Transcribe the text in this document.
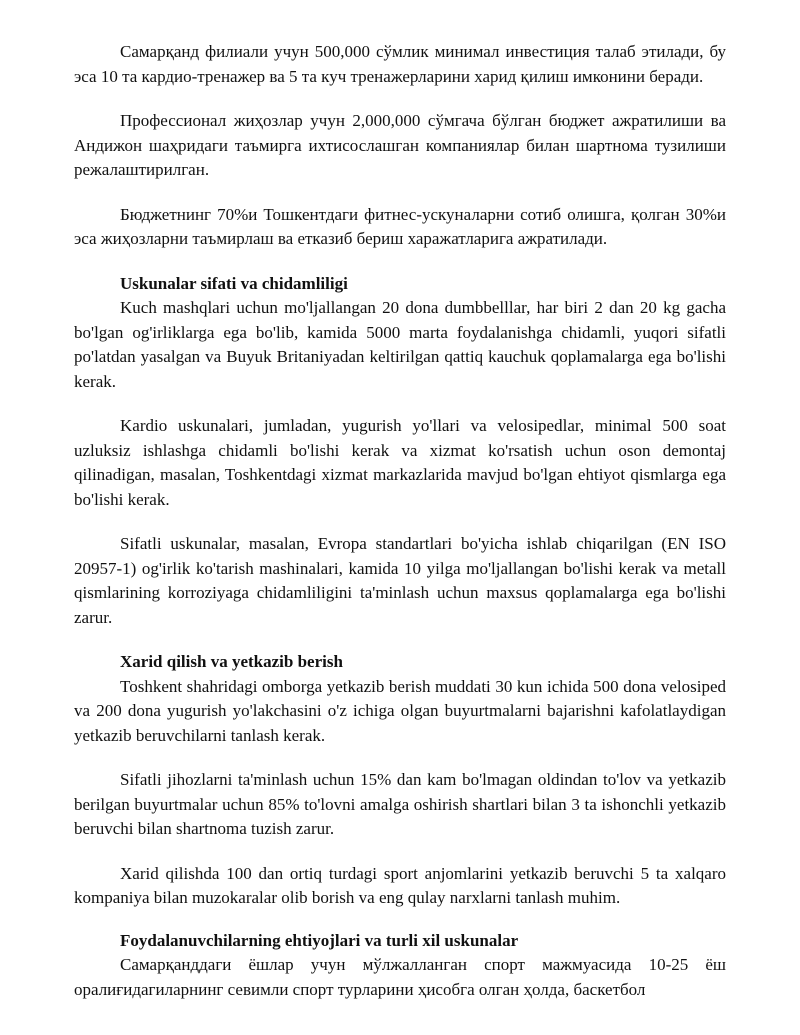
Самарқанд филиали учун 500,000 сўмлик минимал инвестиция талаб этилади, бу эса 10 та кардио-тренажер ва 5 та куч тренажерларини харид қилиш имконини беради.

Профессионал жиҳозлар учун 2,000,000 сўмгача бўлган бюджет ажратилиши ва Андижон шаҳридаги таъмирга ихтисослашган компаниялар билан шартнома тузилиши режалаштирилган.

Бюджетнинг 70%и Тошкентдаги фитнес-ускуналарни сотиб олишга, қолган 30%и эса жиҳозларни таъмирлаш ва етказиб бериш харажатларига ажратилади.

Uskunalar sifati va chidamliligi

Kuch mashqlari uchun mo'ljallangan 20 dona dumbbelllar, har biri 2 dan 20 kg gacha bo'lgan og'irliklarga ega bo'lib, kamida 5000 marta foydalanishga chidamli, yuqori sifatli po'latdan yasalgan va Buyuk Britaniyadan keltirilgan qattiq kauchuk qoplamalarga ega bo'lishi kerak.

Kardio uskunalari, jumladan, yugurish yo'llari va velosipedlar, minimal 500 soat uzluksiz ishlashga chidamli bo'lishi kerak va xizmat ko'rsatish uchun oson demontaj qilinadigan, masalan, Toshkentdagi xizmat markazlarida mavjud bo'lgan ehtiyot qismlarga ega bo'lishi kerak.

Sifatli uskunalar, masalan, Evropa standartlari bo'yicha ishlab chiqarilgan (EN ISO 20957-1) og'irlik ko'tarish mashinalari, kamida 10 yilga mo'ljallangan bo'lishi kerak va metall qismlarining korroziyaga chidamliligini ta'minlash uchun maxsus qoplamalarga ega bo'lishi zarur.

Xarid qilish va yetkazib berish

Toshkent shahridagi omborga yetkazib berish muddati 30 kun ichida 500 dona velosiped va 200 dona yugurish yo'lakchasini o'z ichiga olgan buyurtmalarni bajarishni kafolatlaydigan yetkazib beruvchilarni tanlash kerak.

Sifatli jihozlarni ta'minlash uchun 15% dan kam bo'lmagan oldindan to'lov va yetkazib berilgan buyurtmalar uchun 85% to'lovni amalga oshirish shartlari bilan 3 ta ishonchli yetkazib beruvchi bilan shartnoma tuzish zarur.

Xarid qilishda 100 dan ortiq turdagi sport anjomlarini yetkazib beruvchi 5 ta xalqaro kompaniya bilan muzokaralar olib borish va eng qulay narxlarni tanlash muhim.

Foydalanuvchilarning ehtiyojlari va turli xil uskunalar

Самарқанддаги ёшлар учун мўлжалланган спорт мажмуасида 10-25 ёш оралиғидагиларнинг севимли спорт турларини ҳисобга олган ҳолда, баскетбол
